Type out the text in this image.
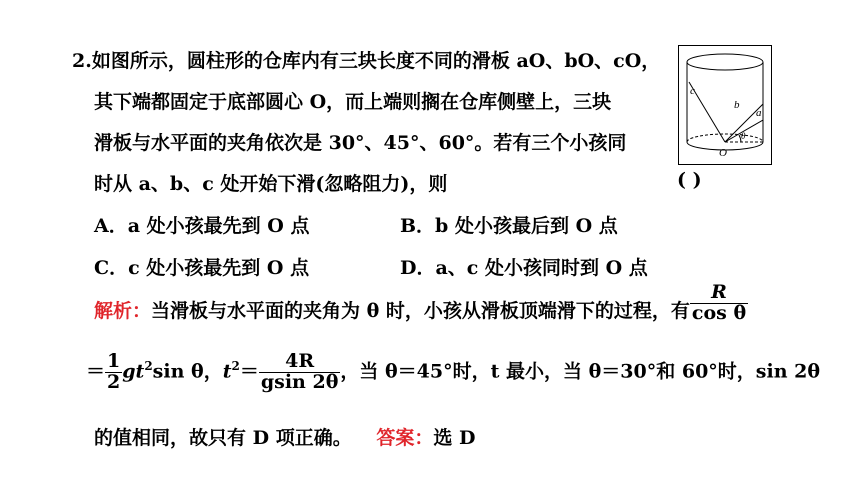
2.如图所示，圆柱形的仓库内有三块长度不同的滑板 aO、bO、cO，
其下端都固定于底部圆心 O，而上端则搁在仓库侧壁上，三块
滑板与水平面的夹角依次是 30°、45°、60°。若有三个小孩同
时从 a、b、c 处开始下滑(忽略阻力)，则	( )
A．a 处小孩最先到 O 点	B．b 处小孩最后到 O 点
C．c 处小孩最先到 O 点	D．a、c 处小孩同时到 O 点
解析：当滑板与水平面的夹角为 θ 时，小孩从滑板顶端滑下的过程，有 $\frac{R}{\text{cos θ}}$
＝ $\frac{1}{2} gt^2\sin$ θ，$t^2= \frac{4R}{gsin 2\theta}$ ，当 θ＝45°时，t 最小，当 θ＝30°和 60°时，sin 2θ
的值相同，故只有 D 项正确。 答案：选 D
a
b
c
O
θ
